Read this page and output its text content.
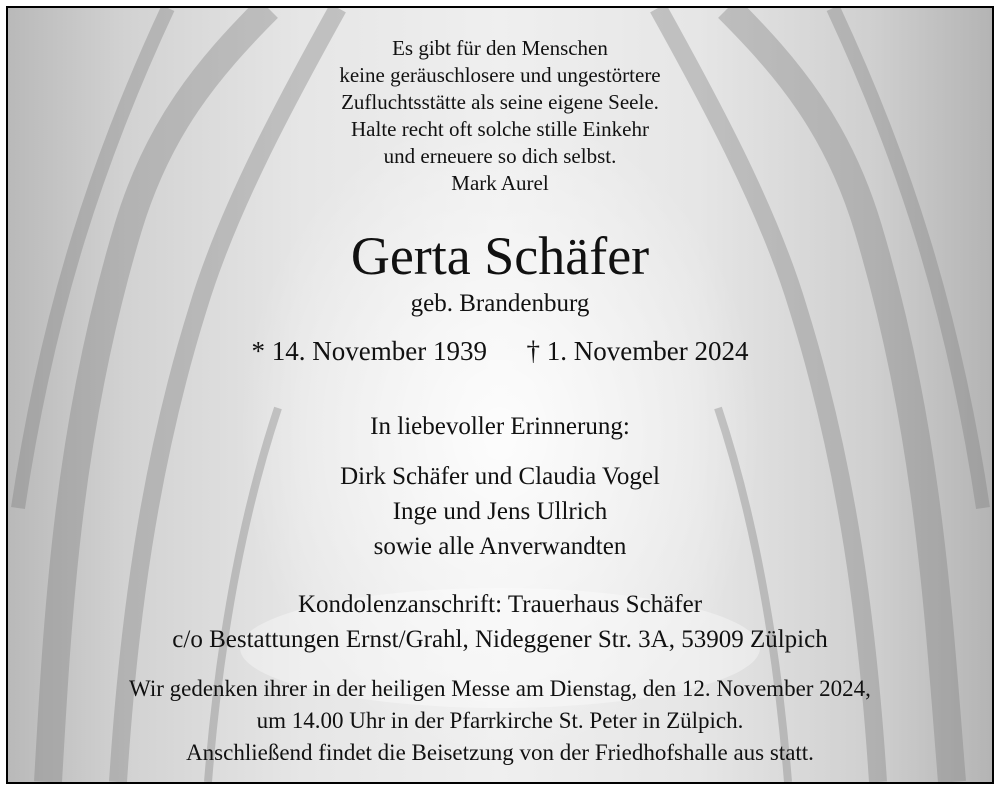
Es gibt für den Menschen
keine geräuschlosere und ungestörtere
Zufluchtsstätte als seine eigene Seele.
Halte recht oft solche stille Einkehr
und erneuere so dich selbst.
Mark Aurel
Gerta Schäfer
geb. Brandenburg
* 14. November 1939 † 1. November 2024
In liebevoller Erinnerung:
Dirk Schäfer und Claudia Vogel
Inge und Jens Ullrich
sowie alle Anverwandten
Kondolenzanschrift: Trauerhaus Schäfer
c/o Bestattungen Ernst/Grahl, Nideggener Str. 3A, 53909 Zülpich
Wir gedenken ihrer in der heiligen Messe am Dienstag, den 12. November 2024,
um 14.00 Uhr in der Pfarrkirche St. Peter in Zülpich.
Anschließend findet die Beisetzung von der Friedhofshalle aus statt.
